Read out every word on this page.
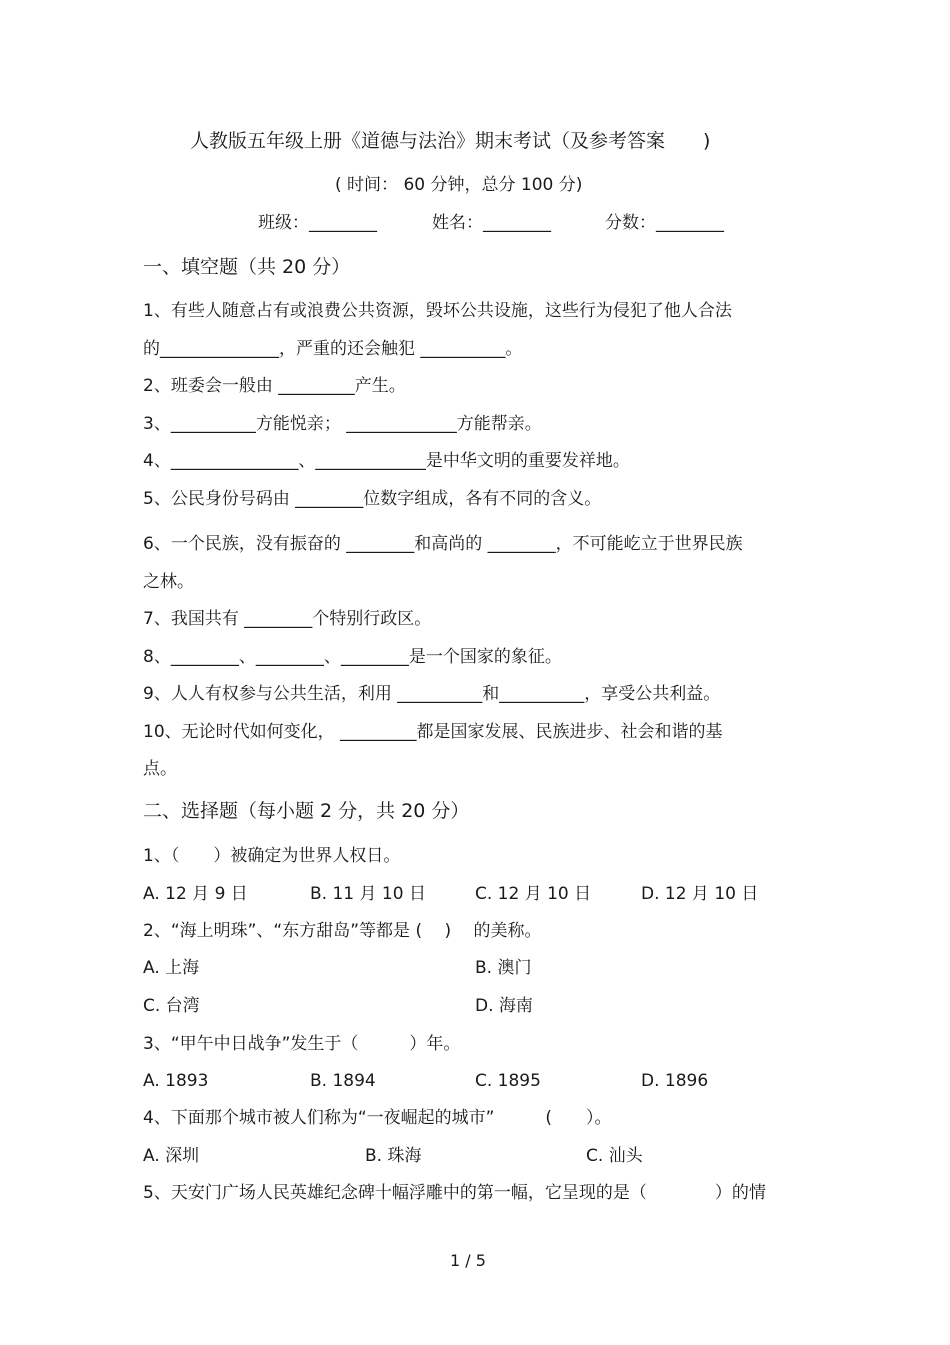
人教版五年级上册《道德与法治》期末考试（及参考答案　　)
( 时间： 60 分钟，总分 100 分)
班级：________	姓名：________	分数：________
一、填空题（共 20 分）
1、有些人随意占有或浪费公共资源，毁坏公共设施，这些行为侵犯了他人合法
的______________，严重的还会触犯 __________。
2、班委会一般由 _________产生。
3、__________方能悦亲； _____________方能帮亲。
4、_______________、_____________是中华文明的重要发祥地。
5、公民身份号码由 ________位数字组成，各有不同的含义。
6、一个民族，没有振奋的 ________和高尚的 ________，不可能屹立于世界民族
之林。
7、我国共有 ________个特别行政区。
8、________、________、________是一个国家的象征。
9、人人有权参与公共生活，利用 __________和__________，享受公共利益。
10、无论时代如何变化， _________都是国家发展、民族进步、社会和谐的基
点。
二、选择题（每小题 2 分，共 20 分）
1、（　　）被确定为世界人权日。
A. 12 月 9 日	B. 11 月 10 日	C. 12 月 10 日	D. 12 月 10 日
2、“海上明珠”、“东方甜岛”等都是 (　 )　 的美称。
A. 上海	B. 澳门
C. 台湾	D. 海南
3、“甲午中日战争”发生于（　　　）年。
A. 1893	B. 1894	C. 1895	D. 1896
4、下面那个城市被人们称为“一夜崛起的城市”　　　(　　）。
A. 深圳	B. 珠海	C. 汕头
5、天安门广场人民英雄纪念碑十幅浮雕中的第一幅，它呈现的是（　　　　）的情
1 / 5
